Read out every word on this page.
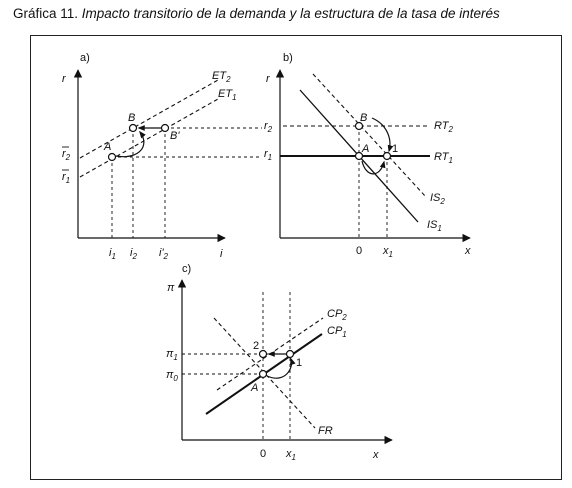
Gráfica 11. Impacto transitorio de la demanda y la estructura de la tasa de interés
a)
r
i
$ET_2$
$ET_1$
$r_2$
$r_1$
A
B
B'
$i_1$ $i_2$ $i'_2$
b)
r
x
$r_2$
$r_1$
$RT_2$
$RT_1$
$IS_2$
$IS_1$
B
A 1
0 $x_1$
c)
π
x
$\pi_1$
$\pi_0$
$CP_2$
$CP_1$
FR
2
1
A
0 $x_1$
